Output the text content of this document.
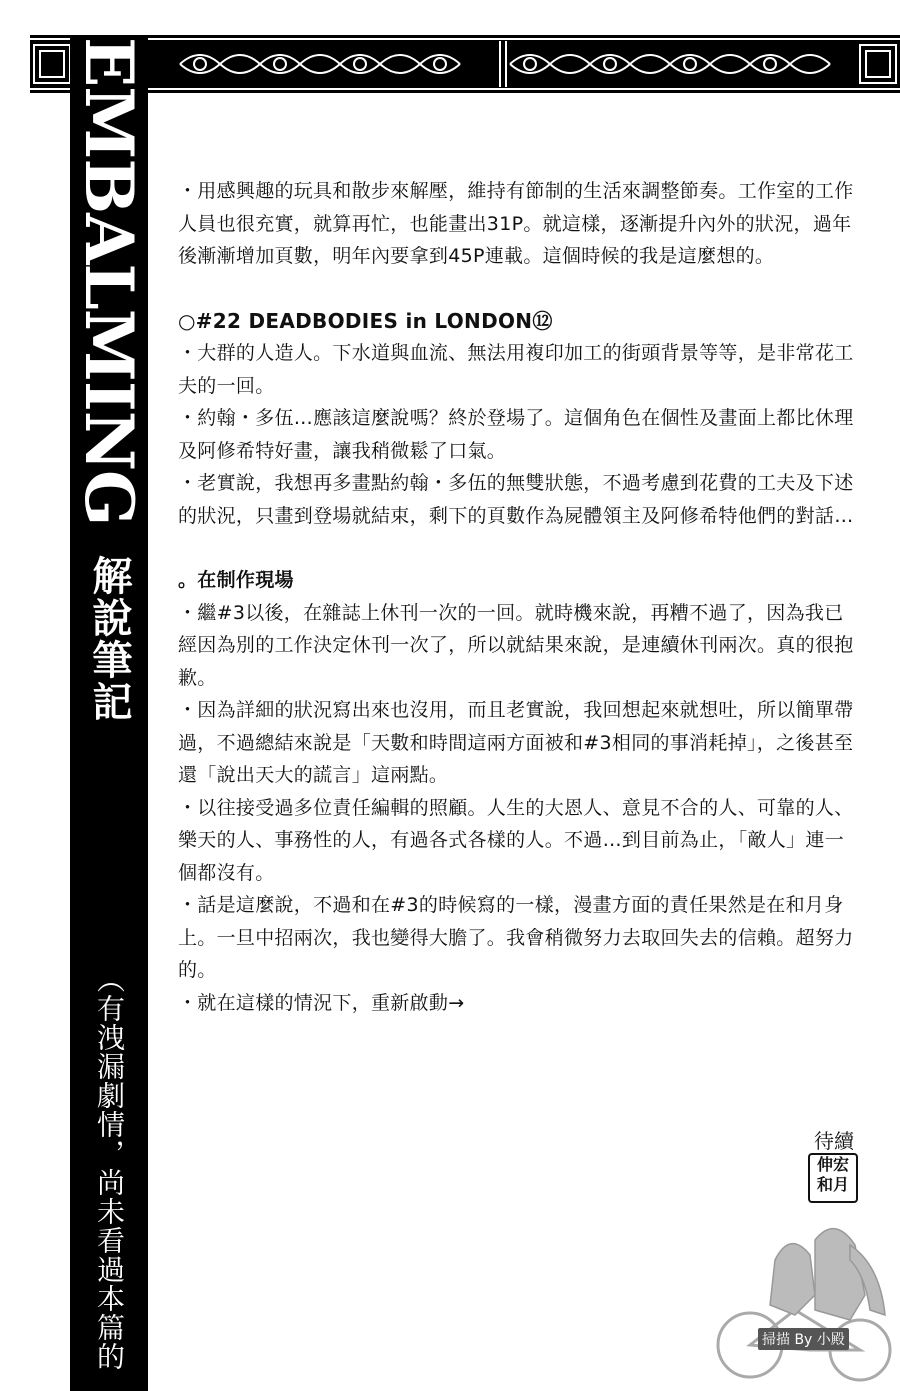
EMBALMING
解說筆記
（有洩漏劇情，尚未看過本篇的讀者請注意）

・用感興趣的玩具和散步來解壓，維持有節制的生活來調整節奏。工作室的工作人員也很充實，就算再忙，也能畫出31P。就這樣，逐漸提升內外的狀況，過年後漸漸增加頁數，明年內要拿到45P連載。這個時候的我是這麼想的。

○#22 DEADBODIES in LONDON⑫

・大群的人造人。下水道與血流、無法用複印加工的街頭背景等等，是非常花工夫的一回。

・約翰・多伍…應該這麼說嗎？終於登場了。這個角色在個性及畫面上都比休理及阿修希特好畫，讓我稍微鬆了口氣。

・老實說，我想再多畫點約翰・多伍的無雙狀態，不過考慮到花費的工夫及下述的狀況，只畫到登場就結束，剩下的頁數作為屍體領主及阿修希特他們的對話…

。在制作現場

・繼#3以後，在雜誌上休刊一次的一回。就時機來說，再糟不過了，因為我已經因為別的工作決定休刊一次了，所以就結果來說，是連續休刊兩次。真的很抱歉。

・因為詳細的狀況寫出來也沒用，而且老實說，我回想起來就想吐，所以簡單帶過，不過總結來說是「天數和時間這兩方面被和#3相同的事消耗掉」，之後甚至還「說出天大的謊言」這兩點。

・以往接受過多位責任編輯的照顧。人生的大恩人、意見不合的人、可靠的人、樂天的人、事務性的人，有過各式各樣的人。不過…到目前為止，「敵人」連一個都沒有。

・話是這麼說，不過和在#3的時候寫的一樣，漫畫方面的責任果然是在和月身上。一旦中招兩次，我也變得大膽了。我會稍微努力去取回失去的信賴。超努力的。

・就在這樣的情況下，重新啟動→

待續
伸宏
和月
掃描 By 小殿
